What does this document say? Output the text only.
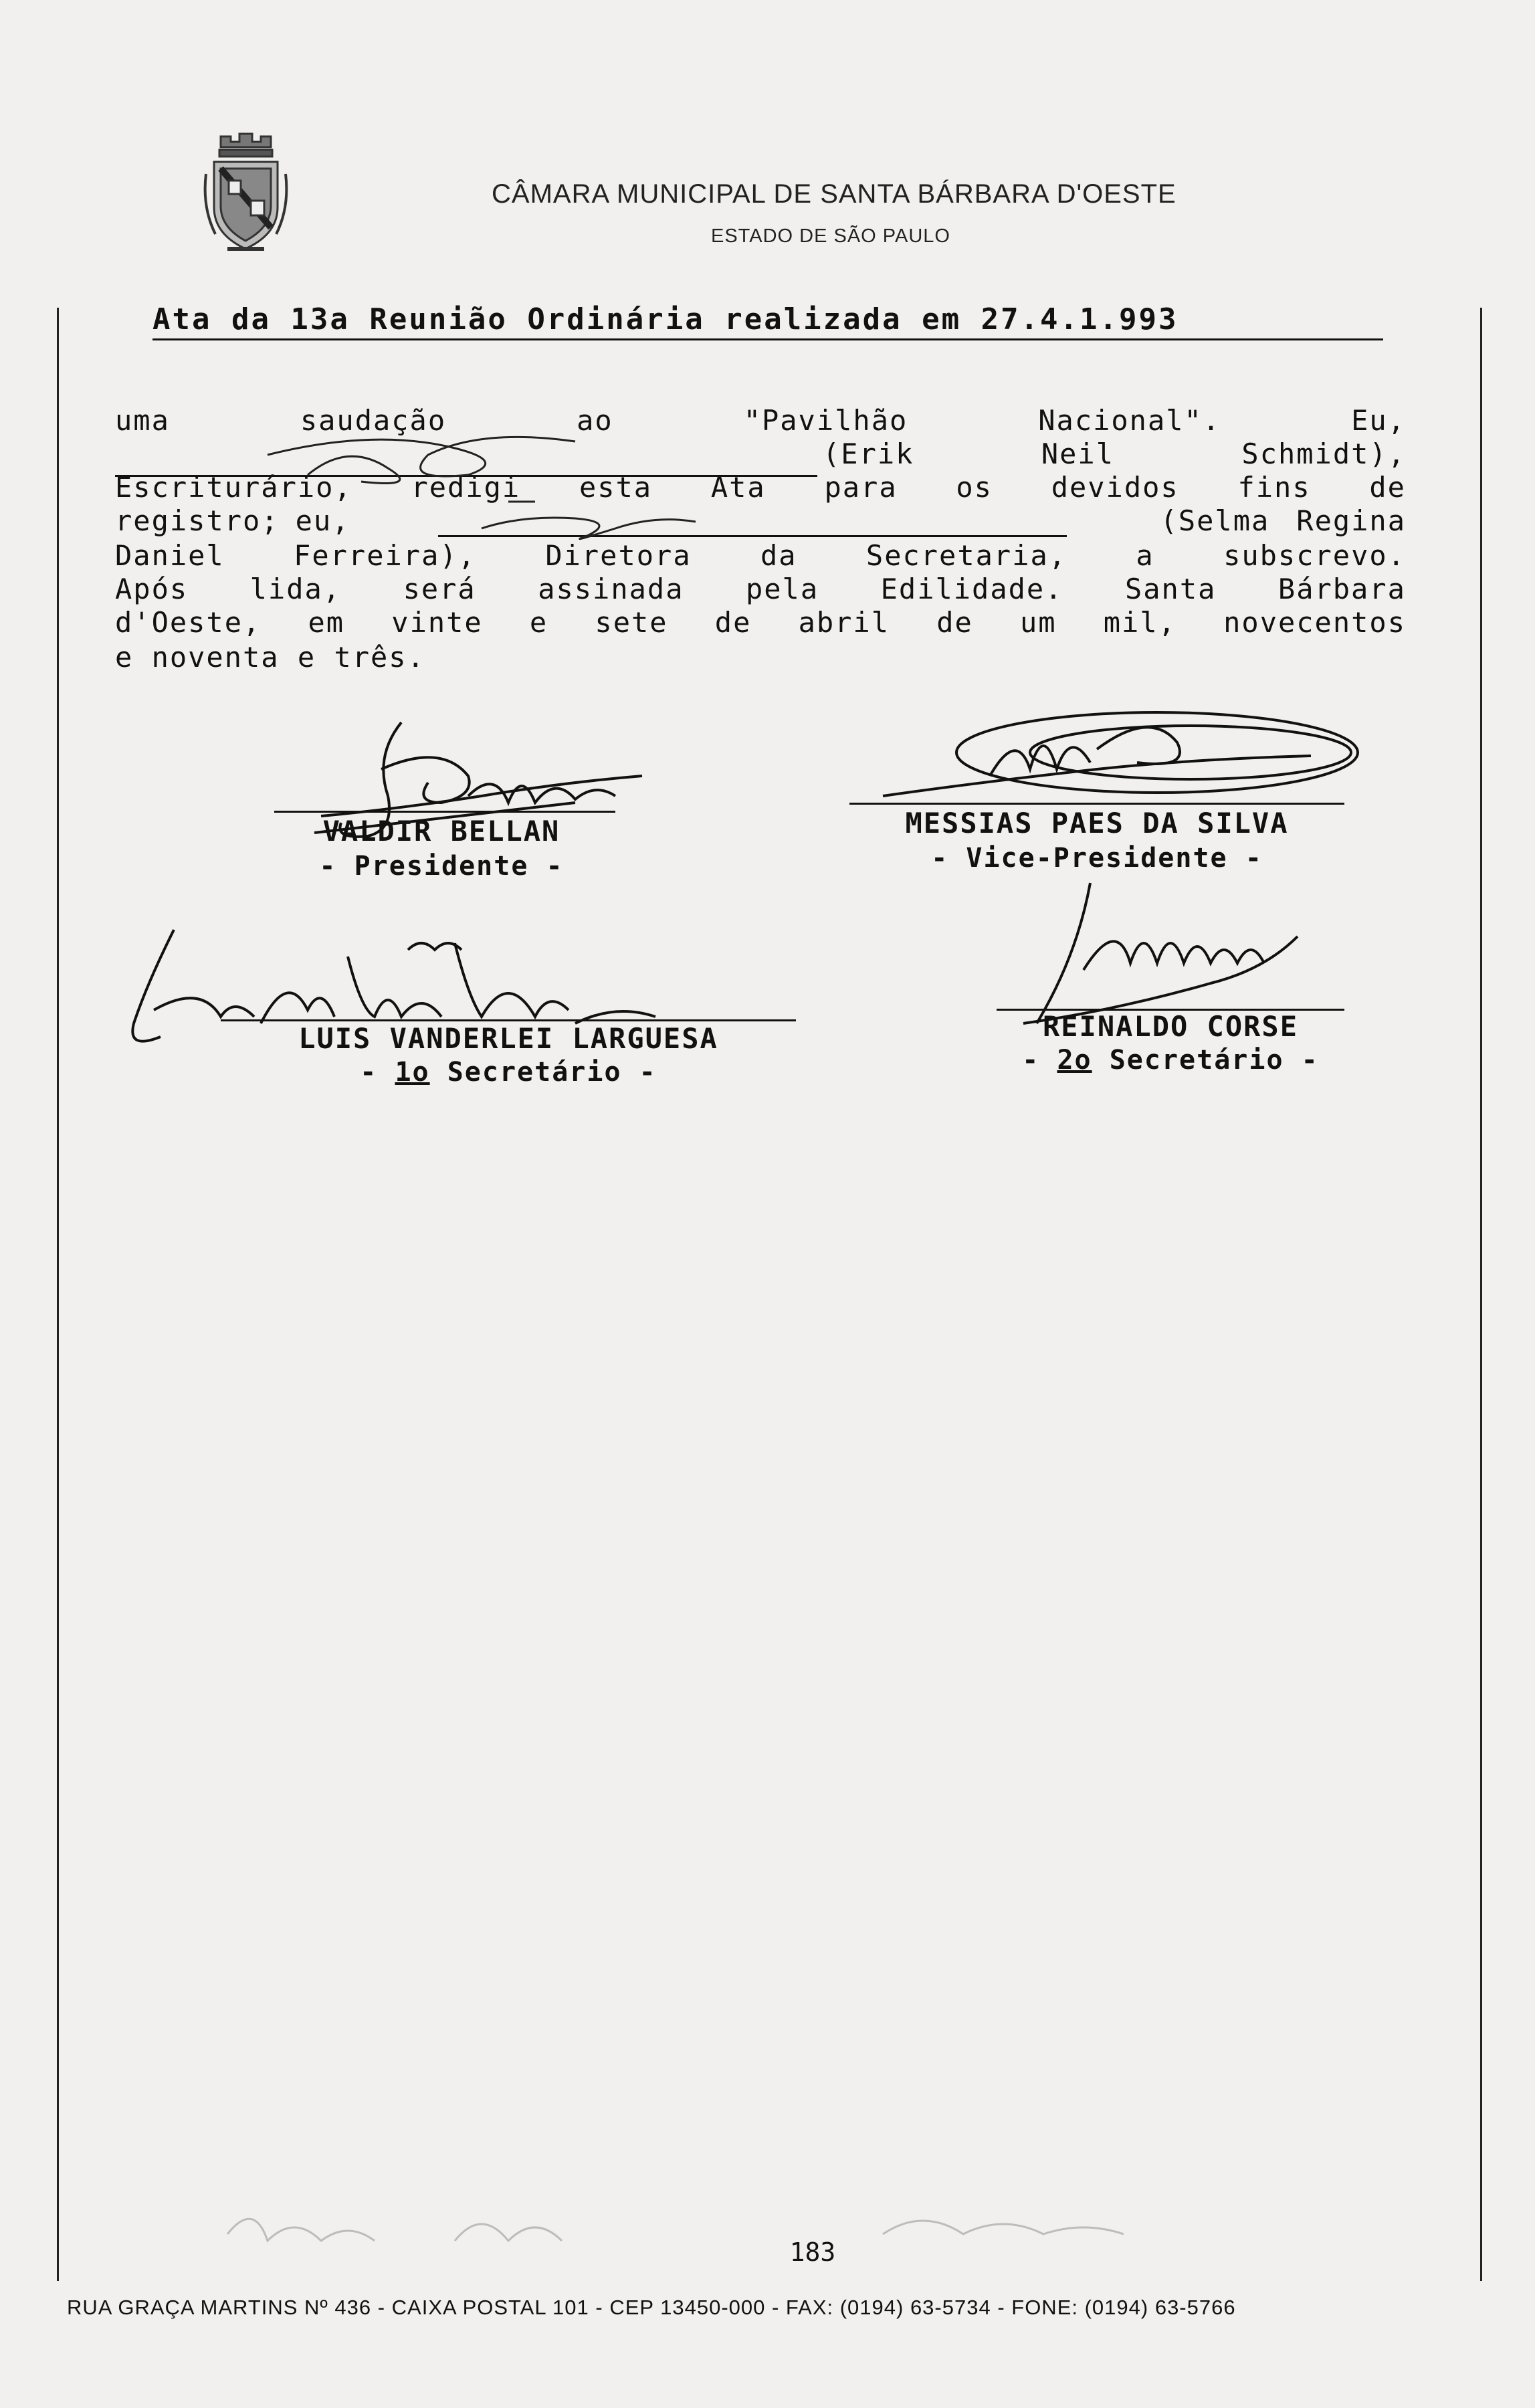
CÂMARA MUNICIPAL DE SANTA BÁRBARA D'OESTE
ESTADO DE SÃO PAULO
Ata da 13a Reunião Ordinária realizada em 27.4.1.993
uma	saudação	ao	"Pavilhão	Nacional".	Eu,
(Erik	Neil	Schmidt),
Escriturário, redigi esta Ata para os devidos fins de
registro; eu,	(Selma Regina
Daniel Ferreira), Diretora da Secretaria, a subscrevo.
Após lida, será assinada pela Edilidade. Santa Bárbara
d'Oeste, em vinte e sete de abril de um mil, novecentos
e noventa e três.
VALDIR BELLAN
- Presidente -
MESSIAS PAES DA SILVA
- Vice-Presidente -
LUIS VANDERLEI LARGUESA
- 1o Secretário -
REINALDO CORSE
- 2o Secretário -
183
RUA GRAÇA MARTINS Nº 436 - CAIXA POSTAL 101 - CEP 13450-000 - FAX: (0194) 63-5734 - FONE: (0194) 63-5766
